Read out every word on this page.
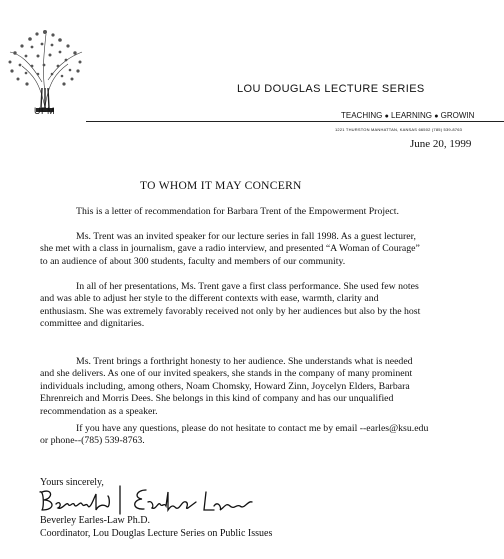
UFM
LOU DOUGLAS LECTURE SERIES
TEACHING ● LEARNING ● GROWIN
1221 THURSTON MANHATTAN, KANSAS 66502 (785) 539-8763
June 20, 1999
TO WHOM IT MAY CONCERN
This is a letter of recommendation for Barbara Trent of the Empowerment Project.
Ms. Trent was an invited speaker for our lecture series in fall 1998. As a guest lecturer,
she met with a class in journalism, gave a radio interview, and presented “A Woman of Courage”
to an audience of about 300 students, faculty and members of our community.
In all of her presentations, Ms. Trent gave a first class performance. She used few notes
and was able to adjust her style to the different contexts with ease, warmth, clarity and
enthusiasm. She was extremely favorably received not only by her audiences but also by the host
committee and dignitaries.
Ms. Trent brings a forthright honesty to her audience. She understands what is needed
and she delivers. As one of our invited speakers, she stands in the company of many prominent
individuals including, among others, Noam Chomsky, Howard Zinn, Joycelyn Elders, Barbara
Ehrenreich and Morris Dees. She belongs in this kind of company and has our unqualified
recommendation as a speaker.
If you have any questions, please do not hesitate to contact me by email --earles@ksu.edu
or phone--(785) 539-8763.
Yours sincerely,
Beverley Earles-Law Ph.D.
Coordinator, Lou Douglas Lecture Series on Public Issues
